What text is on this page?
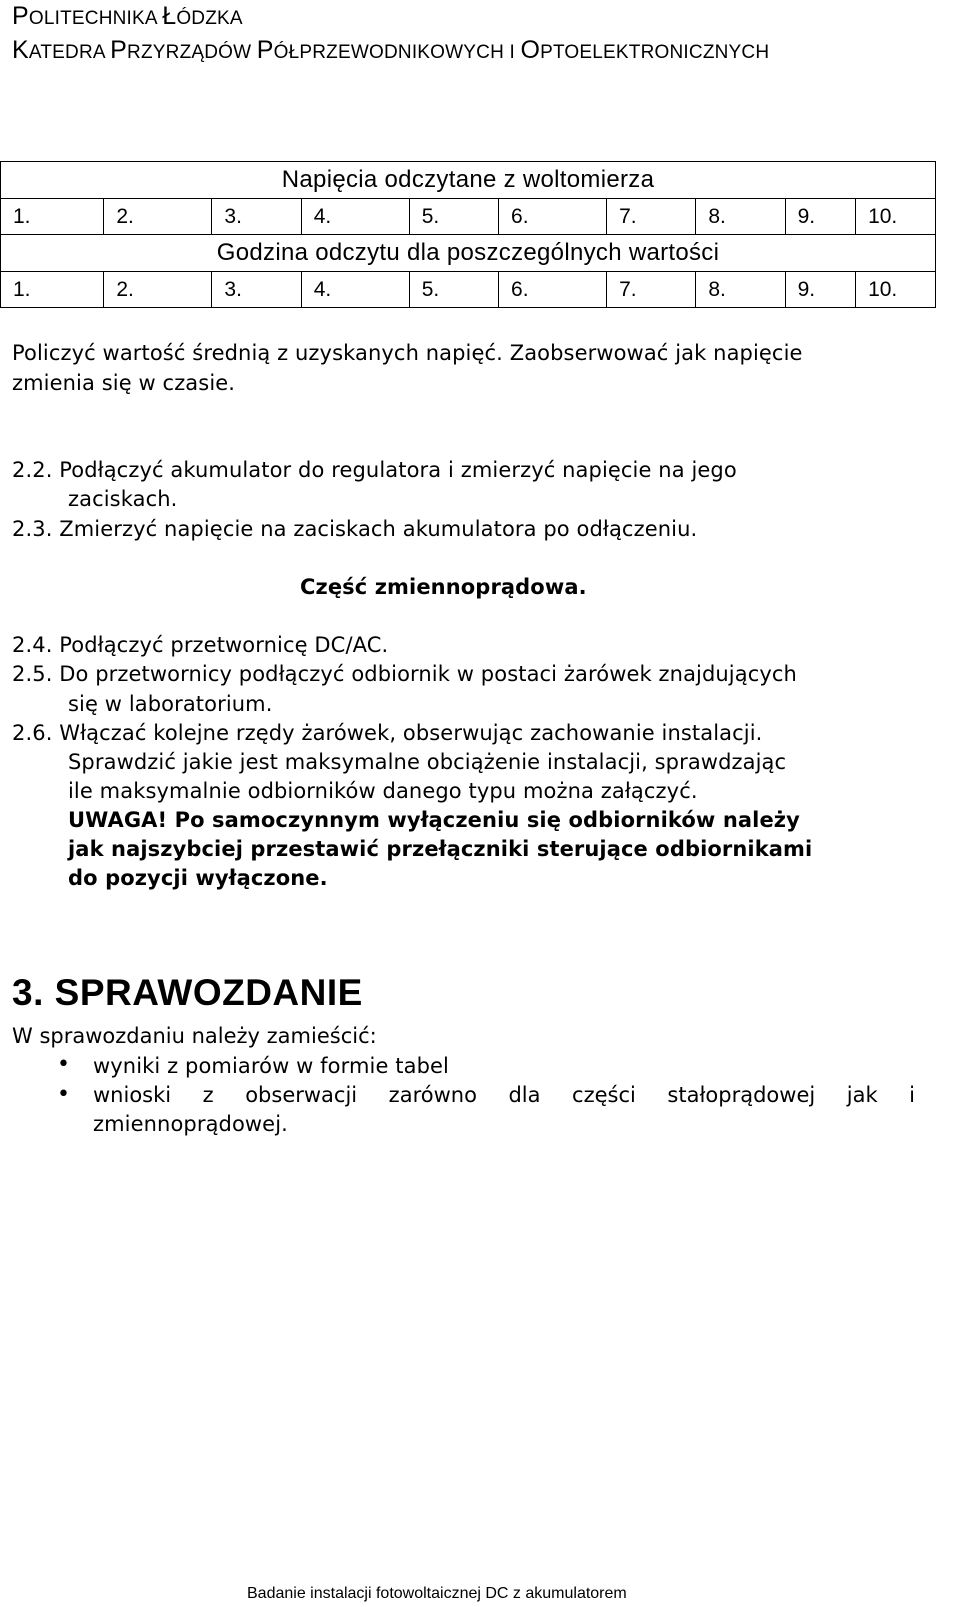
POLITECHNIKA ŁÓDZKA
KATEDRA PRZYRZĄDÓW PÓŁPRZEWODNIKOWYCH I OPTOELEKTRONICZNYCH
Napięcia odczytane z woltomierza									
1.	2.	3.	4.	5.	6.	7.	8.	9.	10.
Godzina odczytu dla poszczególnych wartości									
1.	2.	3.	4.	5.	6.	7.	8.	9.	10.
Policzyć wartość średnią z uzyskanych napięć. Zaobserwować jak napięcie
zmienia się w czasie.
2.2. Podłączyć akumulator do regulatora i zmierzyć napięcie na jego
zaciskach.
2.3. Zmierzyć napięcie na zaciskach akumulatora po odłączeniu.
Część zmiennoprądowa.
2.4. Podłączyć przetwornicę DC/AC.
2.5. Do przetwornicy podłączyć odbiornik w postaci żarówek znajdujących
się w laboratorium.
2.6. Włączać kolejne rzędy żarówek, obserwując zachowanie instalacji.
Sprawdzić jakie jest maksymalne obciążenie instalacji, sprawdzając
ile maksymalnie odbiorników danego typu można załączyć.
UWAGA! Po samoczynnym wyłączeniu się odbiorników należy
jak najszybciej przestawić przełączniki sterujące odbiornikami
do pozycji wyłączone.
3. SPRAWOZDANIE
W sprawozdaniu należy zamieścić:
• wyniki z pomiarów w formie tabel
• wnioski z obserwacji zarówno dla części stałoprądowej jak i
zmiennoprądowej.
Badanie instalacji fotowoltaicznej DC z akumulatorem
